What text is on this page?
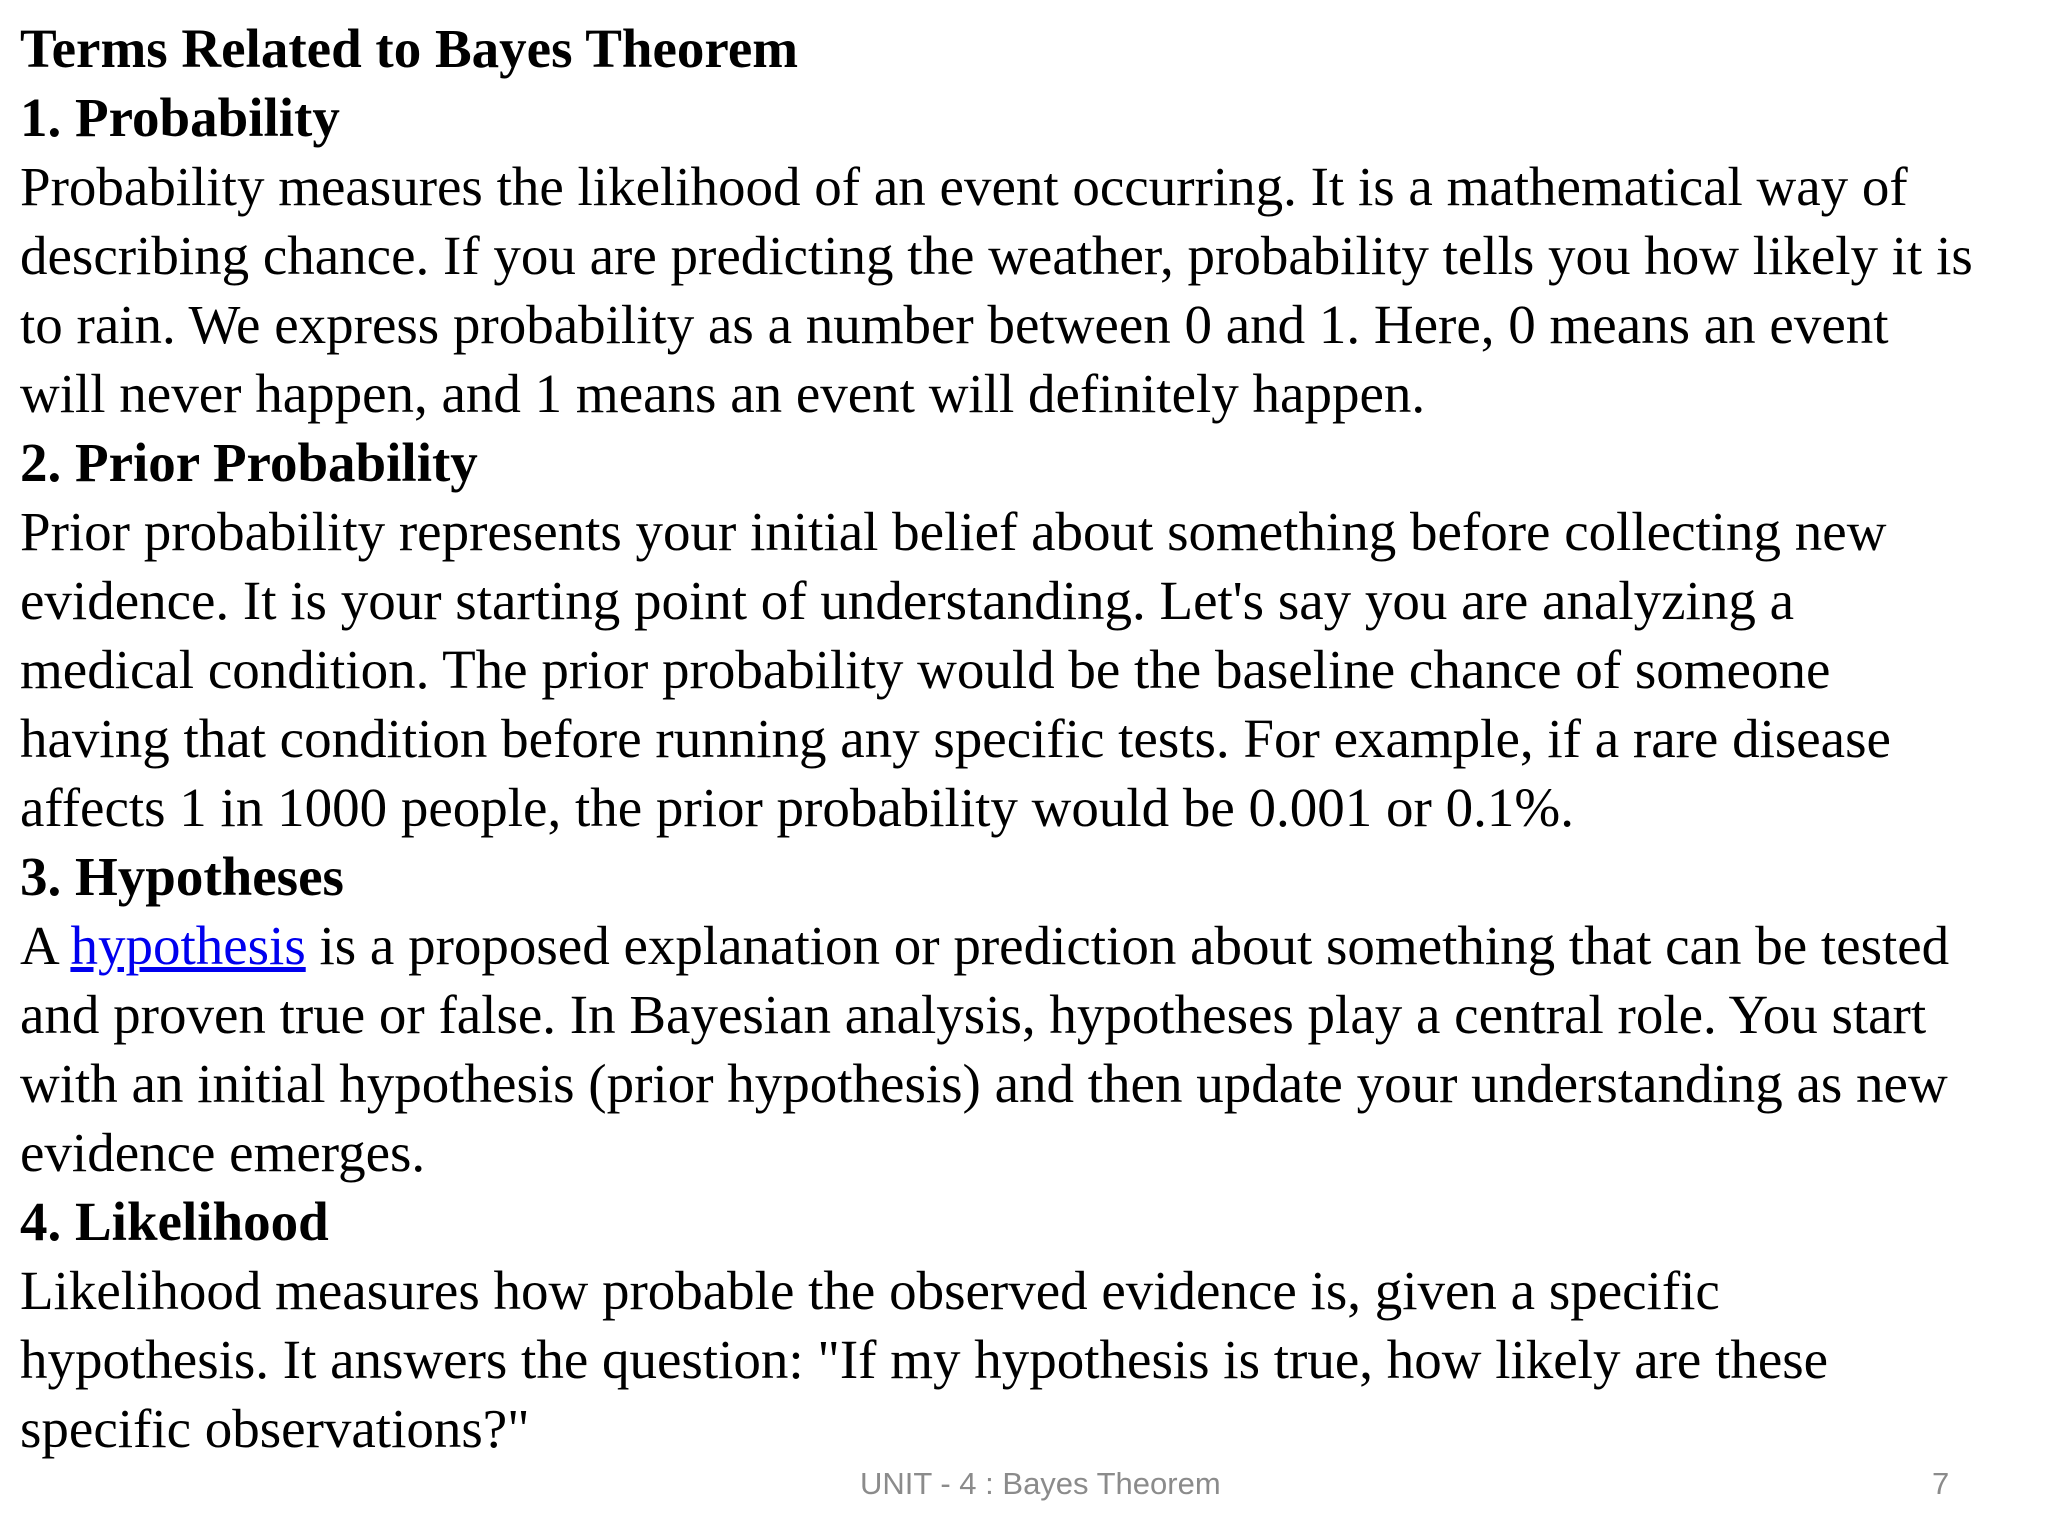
Terms Related to Bayes Theorem

1. Probability

Probability measures the likelihood of an event occurring. It is a mathematical way of describing chance. If you are predicting the weather, probability tells you how likely it is to rain. We express probability as a number between 0 and 1. Here, 0 means an event will never happen, and 1 means an event will definitely happen.

2. Prior Probability

Prior probability represents your initial belief about something before collecting new evidence. It is your starting point of understanding. Let's say you are analyzing a medical condition. The prior probability would be the baseline chance of someone having that condition before running any specific tests. For example, if a rare disease affects 1 in 1000 people, the prior probability would be 0.001 or 0.1%.

3. Hypotheses

A hypothesis is a proposed explanation or prediction about something that can be tested and proven true or false. In Bayesian analysis, hypotheses play a central role. You start with an initial hypothesis (prior hypothesis) and then update your understanding as new evidence emerges.

4. Likelihood

Likelihood measures how probable the observed evidence is, given a specific hypothesis. It answers the question: "If my hypothesis is true, how likely are these specific observations?"

UNIT - 4 : Bayes Theorem	7
